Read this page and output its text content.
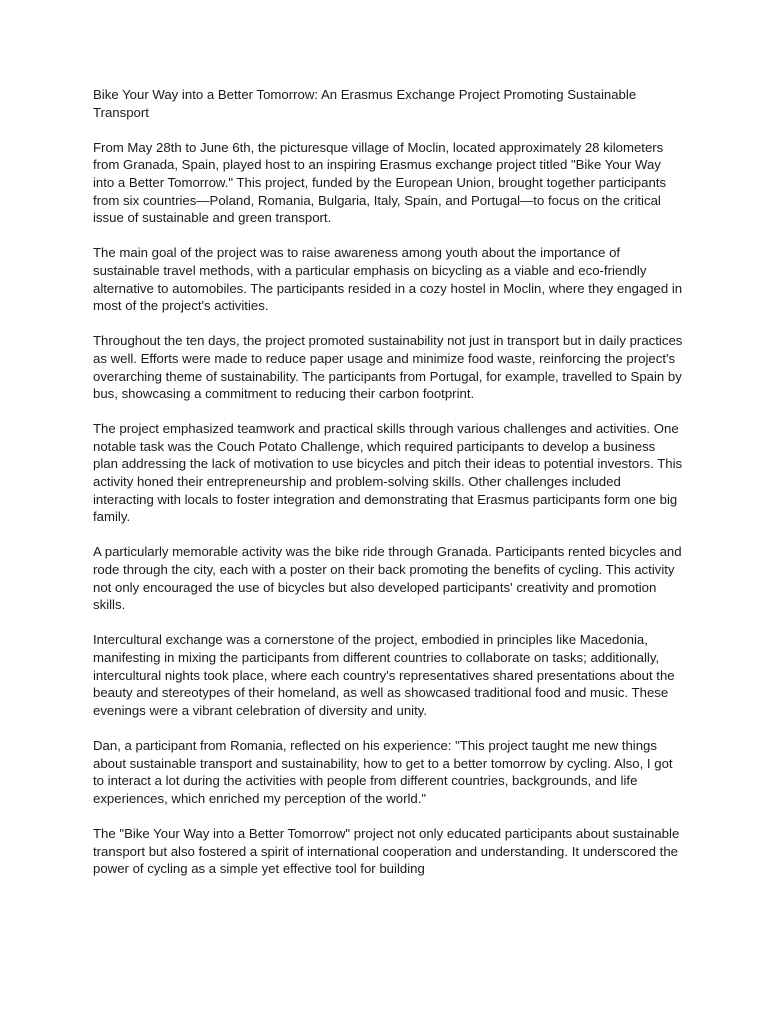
Bike Your Way into a Better Tomorrow: An Erasmus Exchange Project Promoting Sustainable Transport

From May 28th to June 6th, the picturesque village of Moclin, located approximately 28 kilometers from Granada, Spain, played host to an inspiring Erasmus exchange project titled "Bike Your Way into a Better Tomorrow." This project, funded by the European Union, brought together participants from six countries—Poland, Romania, Bulgaria, Italy, Spain, and Portugal—to focus on the critical issue of sustainable and green transport.

The main goal of the project was to raise awareness among youth about the importance of sustainable travel methods, with a particular emphasis on bicycling as a viable and eco-friendly alternative to automobiles. The participants resided in a cozy hostel in Moclin, where they engaged in most of the project's activities.

Throughout the ten days, the project promoted sustainability not just in transport but in daily practices as well. Efforts were made to reduce paper usage and minimize food waste, reinforcing the project's overarching theme of sustainability. The participants from Portugal, for example, travelled to Spain by bus, showcasing a commitment to reducing their carbon footprint.

The project emphasized teamwork and practical skills through various challenges and activities. One notable task was the Couch Potato Challenge, which required participants to develop a business plan addressing the lack of motivation to use bicycles and pitch their ideas to potential investors. This activity honed their entrepreneurship and problem-solving skills. Other challenges included interacting with locals to foster integration and demonstrating that Erasmus participants form one big family.

A particularly memorable activity was the bike ride through Granada. Participants rented bicycles and rode through the city, each with a poster on their back promoting the benefits of cycling. This activity not only encouraged the use of bicycles but also developed participants' creativity and promotion skills.

Intercultural exchange was a cornerstone of the project, embodied in principles like Macedonia, manifesting in mixing the participants from different countries to collaborate on tasks; additionally, intercultural nights took place, where each country's representatives shared presentations about the beauty and stereotypes of their homeland, as well as showcased traditional food and music. These evenings were a vibrant celebration of diversity and unity.

Dan, a participant from Romania, reflected on his experience: "This project taught me new things about sustainable transport and sustainability, how to get to a better tomorrow by cycling. Also, I got to interact a lot during the activities with people from different countries, backgrounds, and life experiences, which enriched my perception of the world."

The "Bike Your Way into a Better Tomorrow" project not only educated participants about sustainable transport but also fostered a spirit of international cooperation and understanding. It underscored the power of cycling as a simple yet effective tool for building
